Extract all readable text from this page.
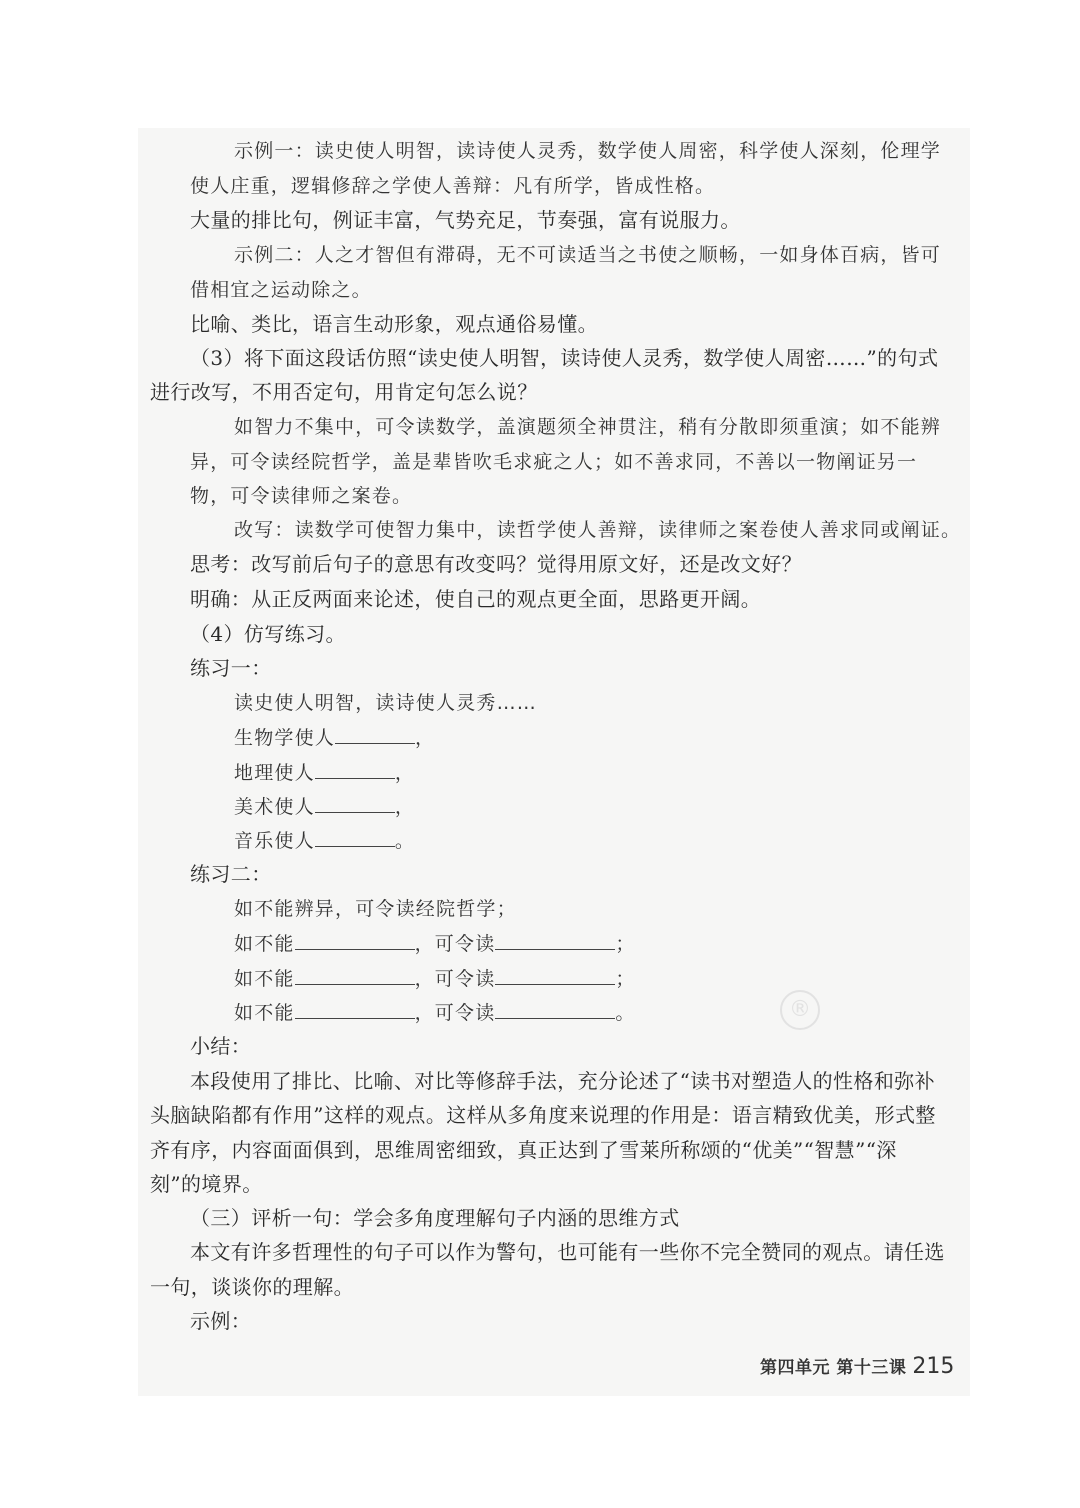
示例一：读史使人明智，读诗使人灵秀，数学使人周密，科学使人深刻，伦理学
使人庄重，逻辑修辞之学使人善辩：凡有所学，皆成性格。
大量的排比句，例证丰富，气势充足，节奏强，富有说服力。
示例二：人之才智但有滞碍，无不可读适当之书使之顺畅，一如身体百病，皆可
借相宜之运动除之。
比喻、类比，语言生动形象，观点通俗易懂。
（3）将下面这段话仿照“读史使人明智，读诗使人灵秀，数学使人周密……”的句式
进行改写，不用否定句，用肯定句怎么说？
如智力不集中，可令读数学，盖演题须全神贯注，稍有分散即须重演；如不能辨
异，可令读经院哲学，盖是辈皆吹毛求疵之人；如不善求同，不善以一物阐证另一
物，可令读律师之案卷。
改写：读数学可使智力集中，读哲学使人善辩，读律师之案卷使人善求同或阐证。
思考：改写前后句子的意思有改变吗？觉得用原文好，还是改文好？
明确：从正反两面来论述，使自己的观点更全面，思路更开阔。
（4）仿写练习。
练习一：
读史使人明智，读诗使人灵秀……
生物学使人	，
地理使人	，
美术使人	，
音乐使人	。
练习二：
如不能辨异，可令读经院哲学；
如不能	，可令读	；
如不能	，可令读	；
如不能	，可令读	。	®
小结：
本段使用了排比、比喻、对比等修辞手法，充分论述了“读书对塑造人的性格和弥补
头脑缺陷都有作用”这样的观点。这样从多角度来说理的作用是：语言精致优美，形式整
齐有序，内容面面俱到，思维周密细致，真正达到了雪莱所称颂的“优美”“智慧”“深
刻”的境界。
（三）评析一句：学会多角度理解句子内涵的思维方式
本文有许多哲理性的句子可以作为警句，也可能有一些你不完全赞同的观点。请任选
一句，谈谈你的理解。
示例：
第四单元 第十三课 215
